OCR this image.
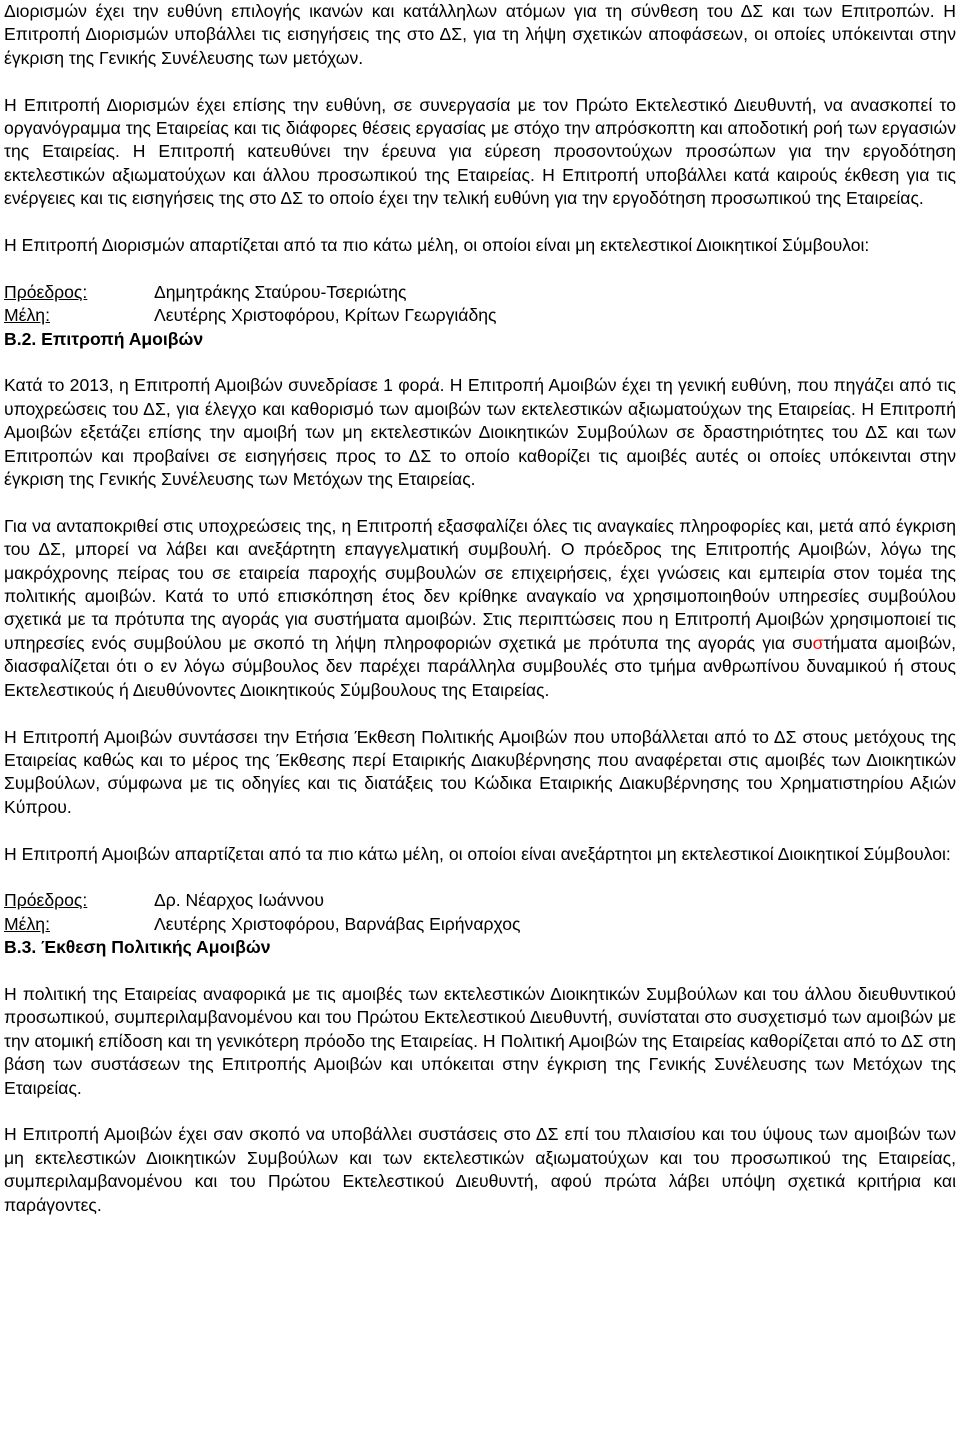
Διορισμών έχει την ευθύνη επιλογής ικανών και κατάλληλων ατόμων για τη σύνθεση του ΔΣ και των Επιτροπών. Η Επιτροπή Διορισμών υποβάλλει τις εισηγήσεις της στο ΔΣ, για τη λήψη σχετικών αποφάσεων, οι οποίες υπόκεινται στην έγκριση της Γενικής Συνέλευσης των μετόχων.

Η Επιτροπή Διορισμών έχει επίσης την ευθύνη, σε συνεργασία με τον Πρώτο Εκτελεστικό Διευθυντή, να ανασκοπεί το οργανόγραμμα της Εταιρείας και τις διάφορες θέσεις εργασίας με στόχο την απρόσκοπτη και αποδοτική ροή των εργασιών της Εταιρείας. Η Επιτροπή κατευθύνει την έρευνα για εύρεση προσοντούχων προσώπων για την εργοδότηση εκτελεστικών αξιωματούχων και άλλου προσωπικού της Εταιρείας. Η Επιτροπή υποβάλλει κατά καιρούς έκθεση για τις ενέργειες και τις εισηγήσεις της στο ΔΣ το οποίο έχει την τελική ευθύνη για την εργοδότηση προσωπικού της Εταιρείας.

Η Επιτροπή Διορισμών απαρτίζεται από τα πιο κάτω μέλη, οι οποίοι είναι μη εκτελεστικοί Διοικητικοί Σύμβουλοι:

Πρόεδρος:	Δημητράκης Σταύρου-Τσεριώτης
Μέλη:	Λευτέρης Χριστοφόρου, Κρίτων Γεωργιάδης
Β.2. Επιτροπή Αμοιβών

Κατά το 2013, η Επιτροπή Αμοιβών συνεδρίασε 1 φορά. Η Επιτροπή Αμοιβών έχει τη γενική ευθύνη, που πηγάζει από τις υποχρεώσεις του ΔΣ, για έλεγχο και καθορισμό των αμοιβών των εκτελεστικών αξιωματούχων της Εταιρείας. Η Επιτροπή Αμοιβών εξετάζει επίσης την αμοιβή των μη εκτελεστικών Διοικητικών Συμβούλων σε δραστηριότητες του ΔΣ και των Επιτροπών και προβαίνει σε εισηγήσεις προς το ΔΣ το οποίο καθορίζει τις αμοιβές αυτές οι οποίες υπόκεινται στην έγκριση της Γενικής Συνέλευσης των Μετόχων της Εταιρείας.

Για να ανταποκριθεί στις υποχρεώσεις της, η Επιτροπή εξασφαλίζει όλες τις αναγκαίες πληροφορίες και, μετά από έγκριση του ΔΣ, μπορεί να λάβει και ανεξάρτητη επαγγελματική συμβουλή. Ο πρόεδρος της Επιτροπής Αμοιβών, λόγω της μακρόχρονης πείρας του σε εταιρεία παροχής συμβουλών σε επιχειρήσεις, έχει γνώσεις και εμπειρία στον τομέα της πολιτικής αμοιβών. Κατά το υπό επισκόπηση έτος δεν κρίθηκε αναγκαίο να χρησιμοποιηθούν υπηρεσίες συμβούλου σχετικά με τα πρότυπα της αγοράς για συστήματα αμοιβών. Στις περιπτώσεις που η Επιτροπή Αμοιβών χρησιμοποιεί τις υπηρεσίες ενός συμβούλου με σκοπό τη λήψη πληροφοριών σχετικά με πρότυπα της αγοράς για συστήματα αμοιβών, διασφαλίζεται ότι ο εν λόγω σύμβουλος δεν παρέχει παράλληλα συμβουλές στο τμήμα ανθρωπίνου δυναμικού ή στους Εκτελεστικούς ή Διευθύνοντες Διοικητικούς Σύμβουλους της Εταιρείας.

Η Επιτροπή Αμοιβών συντάσσει την Ετήσια Έκθεση Πολιτικής Αμοιβών που υποβάλλεται από το ΔΣ στους μετόχους της Εταιρείας καθώς και το μέρος της Έκθεσης περί Εταιρικής Διακυβέρνησης που αναφέρεται στις αμοιβές των Διοικητικών Συμβούλων, σύμφωνα με τις οδηγίες και τις διατάξεις του Κώδικα Εταιρικής Διακυβέρνησης του Χρηματιστηρίου Αξιών Κύπρου.

Η Επιτροπή Αμοιβών απαρτίζεται από τα πιο κάτω μέλη, οι οποίοι είναι ανεξάρτητοι μη εκτελεστικοί Διοικητικοί Σύμβουλοι:

Πρόεδρος:	Δρ. Νέαρχος Ιωάννου
Μέλη:	Λευτέρης Χριστοφόρου, Βαρνάβας Ειρήναρχος
Β.3. Έκθεση Πολιτικής Αμοιβών

Η πολιτική της Εταιρείας αναφορικά με τις αμοιβές των εκτελεστικών Διοικητικών Συμβούλων και του άλλου διευθυντικού προσωπικού, συμπεριλαμβανομένου και του Πρώτου Εκτελεστικού Διευθυντή, συνίσταται στο συσχετισμό των αμοιβών με την ατομική επίδοση και τη γενικότερη πρόοδο της Εταιρείας. Η Πολιτική Αμοιβών της Εταιρείας καθορίζεται από το ΔΣ στη βάση των συστάσεων της Επιτροπής Αμοιβών και υπόκειται στην έγκριση της Γενικής Συνέλευσης των Μετόχων της Εταιρείας.

Η Επιτροπή Αμοιβών έχει σαν σκοπό να υποβάλλει συστάσεις στο ΔΣ επί του πλαισίου και του ύψους των αμοιβών των μη εκτελεστικών Διοικητικών Συμβούλων και των εκτελεστικών αξιωματούχων και του προσωπικού της Εταιρείας, συμπεριλαμβανομένου και του Πρώτου Εκτελεστικού Διευθυντή, αφού πρώτα λάβει υπόψη σχετικά κριτήρια και παράγοντες.
